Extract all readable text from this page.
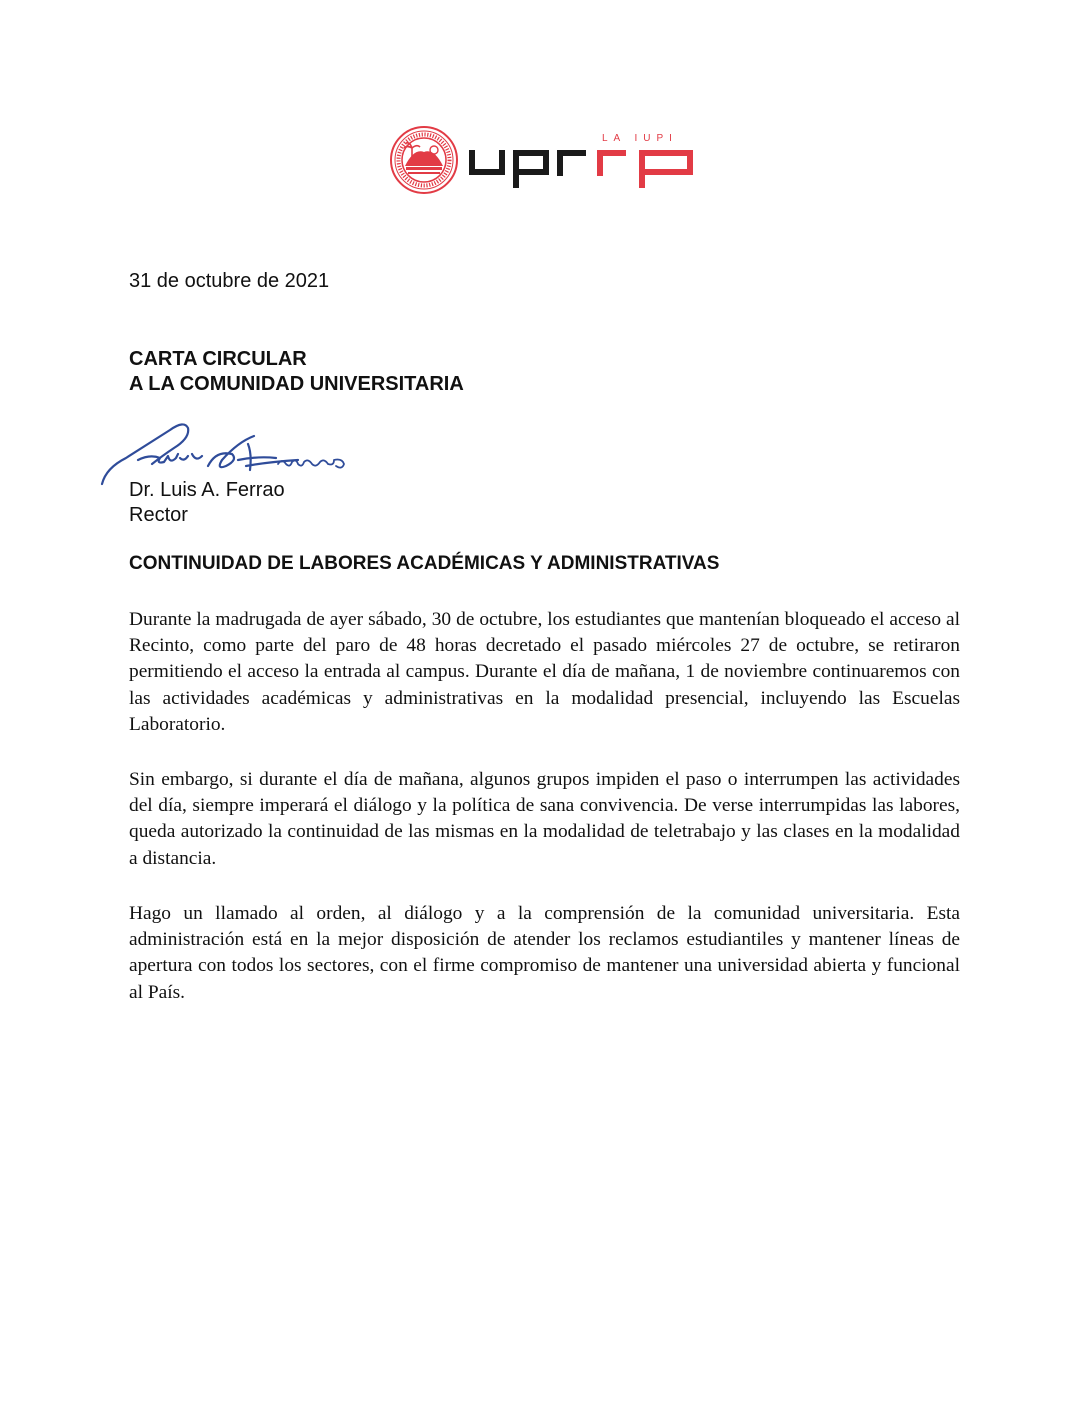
LA IUPI
31 de octubre de 2021
CARTA CIRCULAR
A LA COMUNIDAD UNIVERSITARIA
Dr. Luis A. Ferrao
Rector
CONTINUIDAD DE LABORES ACADÉMICAS Y ADMINISTRATIVAS

Durante la madrugada de ayer sábado, 30 de octubre, los estudiantes que mantenían bloqueado el acceso al Recinto, como parte del paro de 48 horas decretado el pasado miércoles 27 de octubre, se retiraron permitiendo el acceso la entrada al campus. Durante el día de mañana, 1 de noviembre continuaremos con las actividades académicas y administrativas en la modalidad presencial, incluyendo las Escuelas Laboratorio.

Sin embargo, si durante el día de mañana, algunos grupos impiden el paso o interrumpen las actividades del día, siempre imperará el diálogo y la política de sana convivencia. De verse interrumpidas las labores, queda autorizado la continuidad de las mismas en la modalidad de teletrabajo y las clases en la modalidad a distancia.

Hago un llamado al orden, al diálogo y a la comprensión de la comunidad universitaria. Esta administración está en la mejor disposición de atender los reclamos estudiantiles y mantener líneas de apertura con todos los sectores, con el firme compromiso de mantener una universidad abierta y funcional al País.
